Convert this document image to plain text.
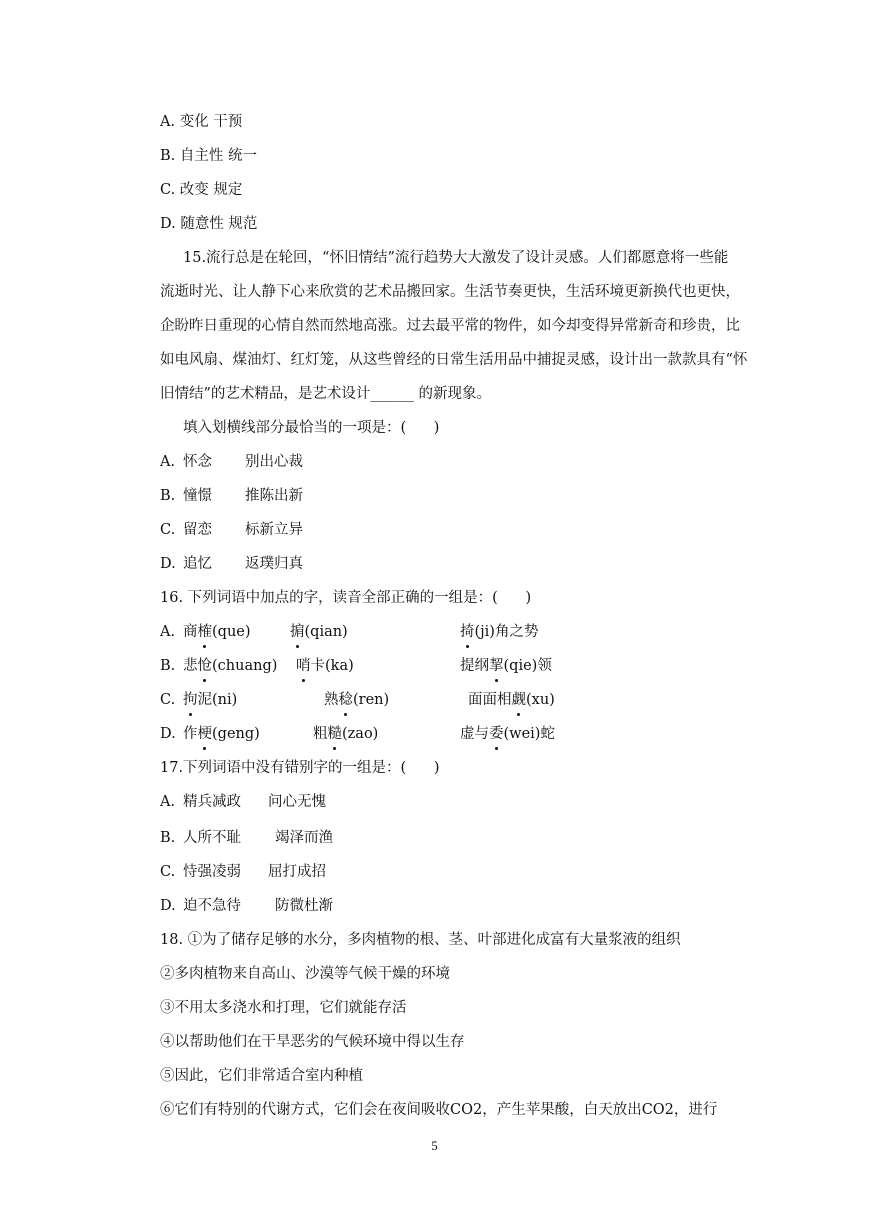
A. 变化 干预
B. 自主性 统一
C. 改变 规定
D. 随意性 规范
15.流行总是在轮回，“怀旧情结”流行趋势大大激发了设计灵感。人们都愿意将一些能
流逝时光、让人静下心来欣赏的艺术品搬回家。生活节奏更快，生活环境更新换代也更快，
企盼昨日重现的心情自然而然地高涨。过去最平常的物件，如今却变得异常新奇和珍贵，比
如电风扇、煤油灯、红灯笼，从这些曾经的日常生活用品中捕捉灵感，设计出一款款具有“怀
旧情结”的艺术精品，是艺术设计______ 的新现象。
填入划横线部分最恰当的一项是：(      )
A. 怀念 别出心裁
B. 憧憬 推陈出新
C. 留恋 标新立异
D. 追忆 返璞归真
16. 下列词语中加点的字，读音全部正确的一组是：(      )
A. 商榷(que)	掮(qian)	掎(ji)角之势
B. 悲怆(chuang) 哨卡(ka)	提纲挈(qie)领
C. 拘泥(ni)	熟稔(ren)	面面相觑(xu)
D. 作梗(geng)	粗糙(zao)	虚与委(wei)蛇
17.下列词语中没有错别字的一组是：(      )
A. 精兵减政 问心无愧
B. 人所不耻 竭泽而渔
C. 恃强凌弱 屈打成招
D. 迫不急待 防微杜渐
18. ①为了储存足够的水分，多肉植物的根、茎、叶部进化成富有大量浆液的组织
②多肉植物来自高山、沙漠等气候干燥的环境
③不用太多浇水和打理，它们就能存活
④以帮助他们在干旱恶劣的气候环境中得以生存
⑤因此，它们非常适合室内种植
⑥它们有特别的代谢方式，它们会在夜间吸收CO2，产生苹果酸，白天放出CO2，进行
5
